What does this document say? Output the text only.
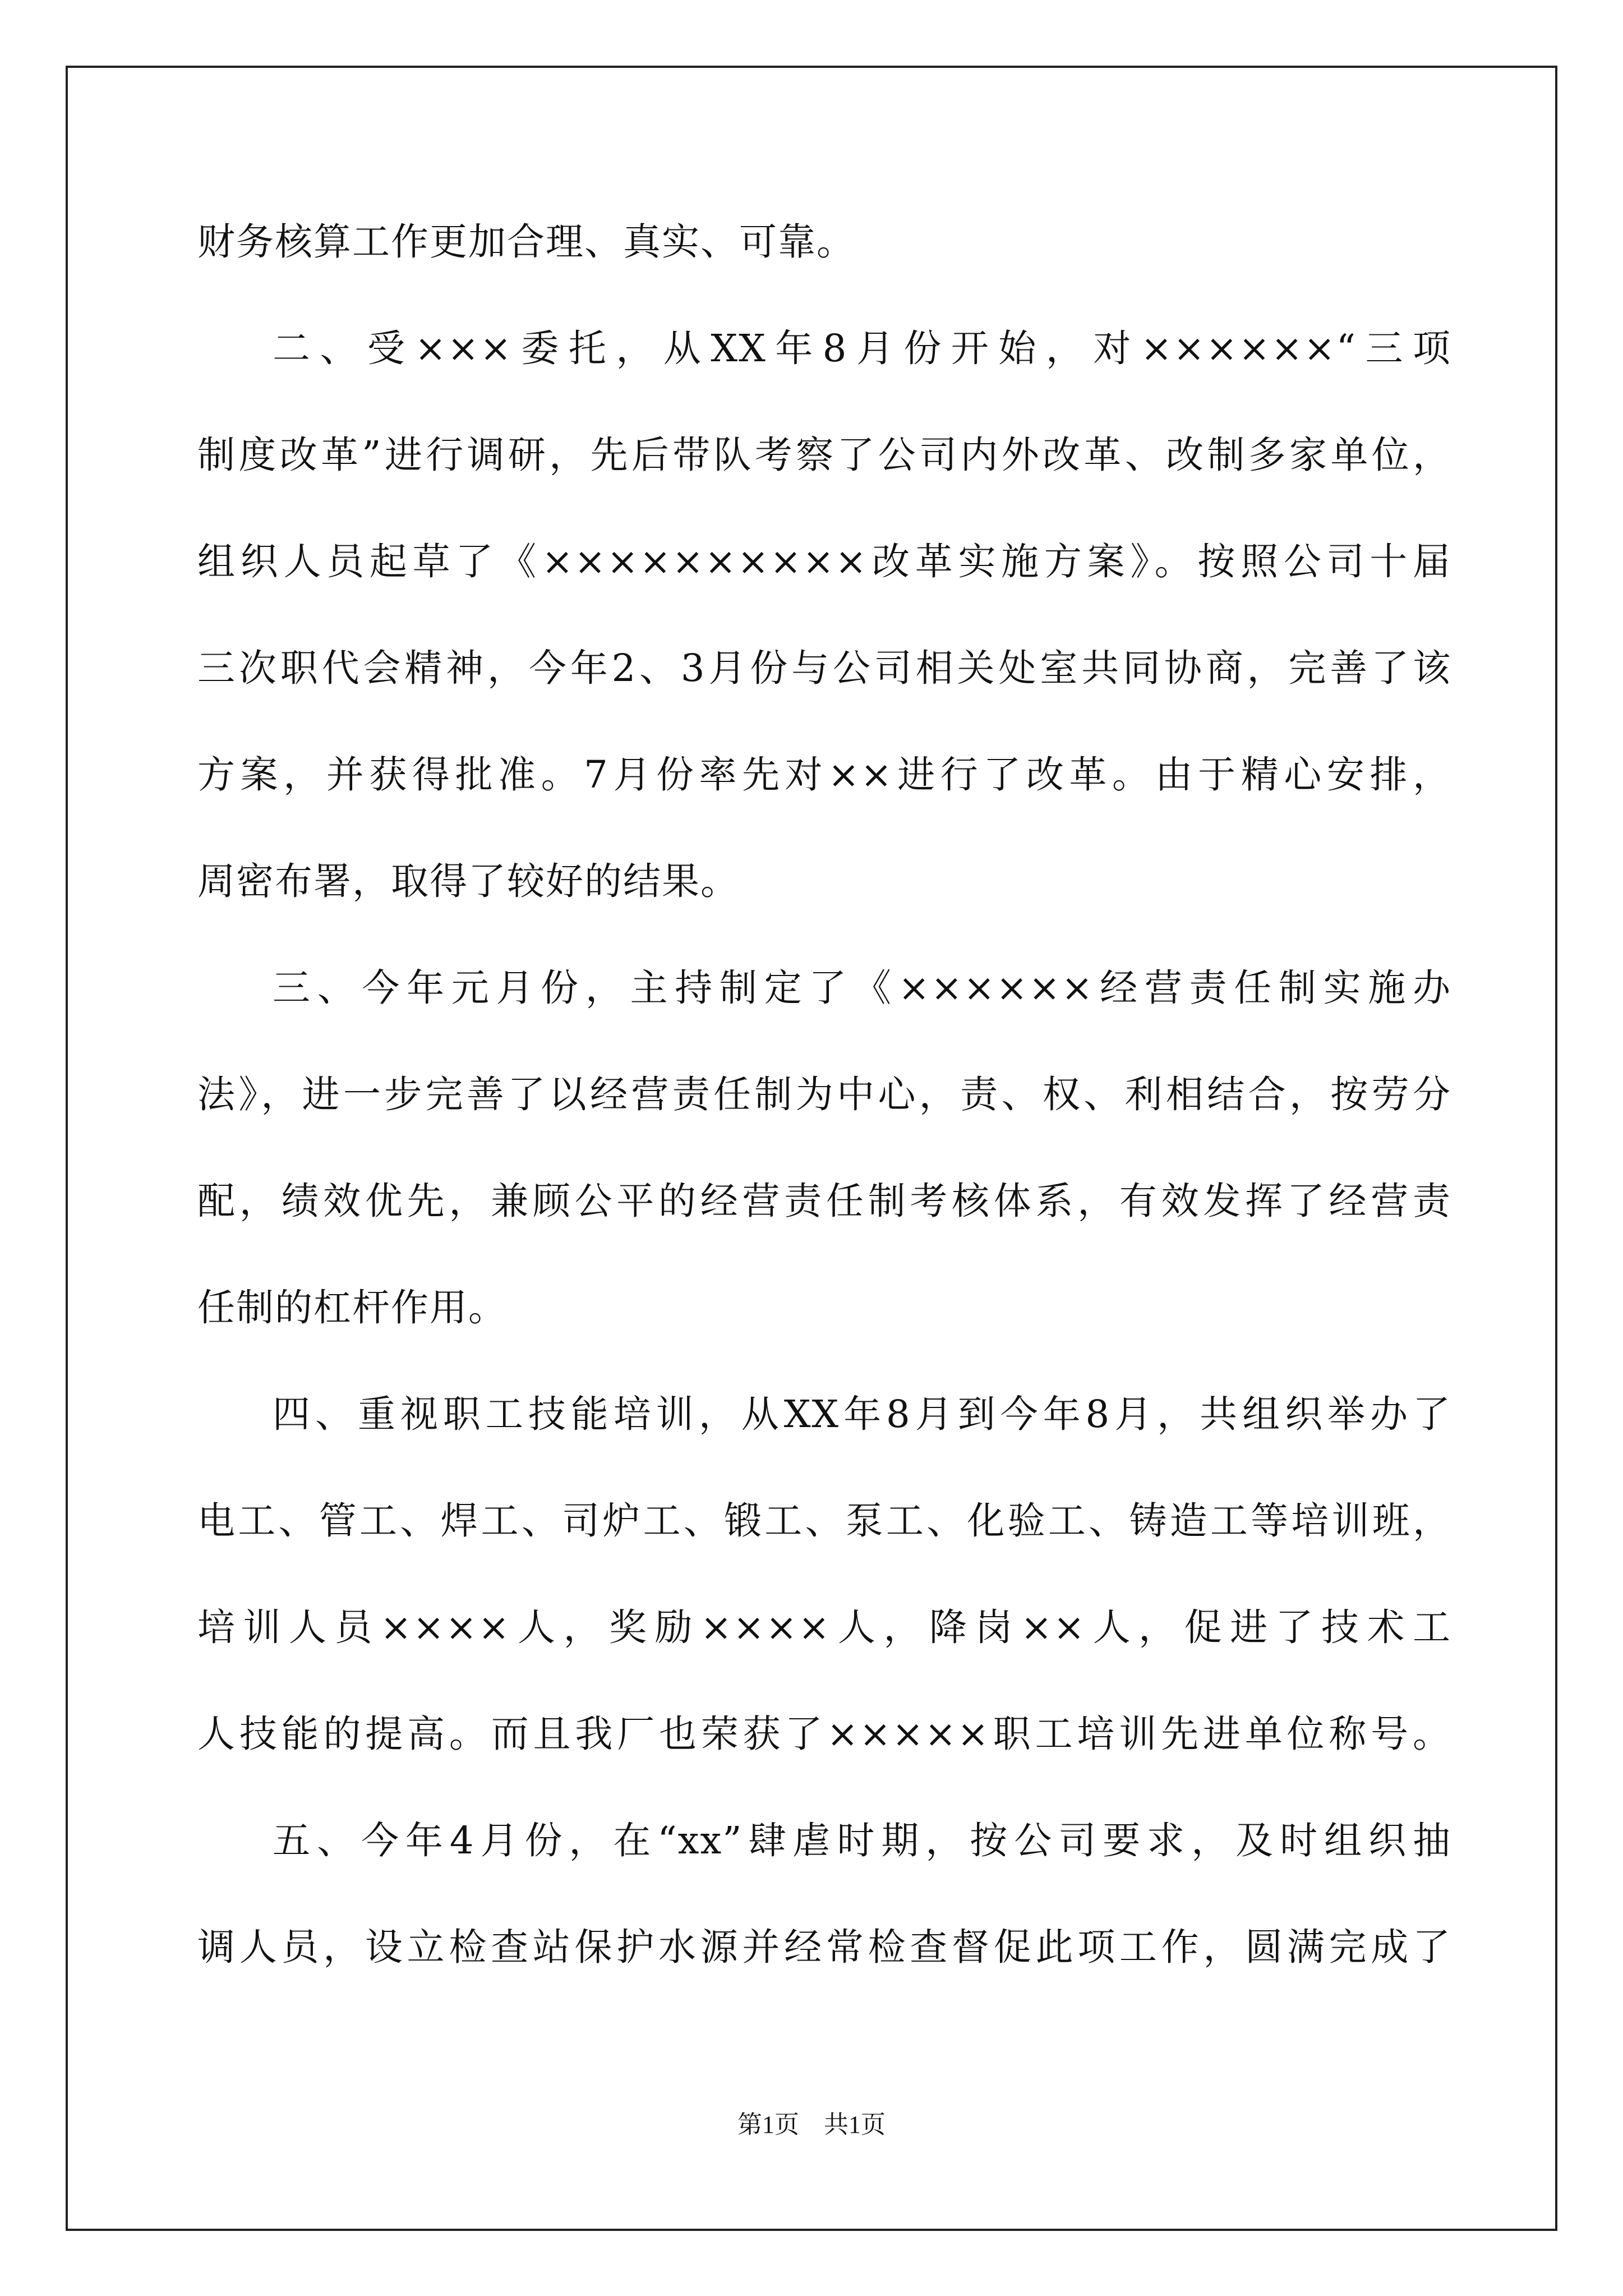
财务核算工作更加合理、真实、可靠。
二、受×××委托，从XX年8月份开始，对××××××“三项
制度改革”进行调研，先后带队考察了公司内外改革、改制多家单位，
组织人员起草了《××××××××××改革实施方案》。按照公司十届
三次职代会精神，今年2、3月份与公司相关处室共同协商，完善了该
方案，并获得批准。7月份率先对××进行了改革。由于精心安排，
周密布署，取得了较好的结果。
三、今年元月份，主持制定了《××××××经营责任制实施办
法》，进一步完善了以经营责任制为中心，责、权、利相结合，按劳分
配，绩效优先，兼顾公平的经营责任制考核体系，有效发挥了经营责
任制的杠杆作用。
四、重视职工技能培训，从XX年8月到今年8月，共组织举办了
电工、管工、焊工、司炉工、锻工、泵工、化验工、铸造工等培训班，
培训人员××××人，奖励××××人，降岗××人，促进了技术工
人技能的提高。而且我厂也荣获了×××××职工培训先进单位称号。
五、今年4月份，在“xx”肆虐时期，按公司要求，及时组织抽
调人员，设立检查站保护水源并经常检查督促此项工作，圆满完成了
第1页　共1页
